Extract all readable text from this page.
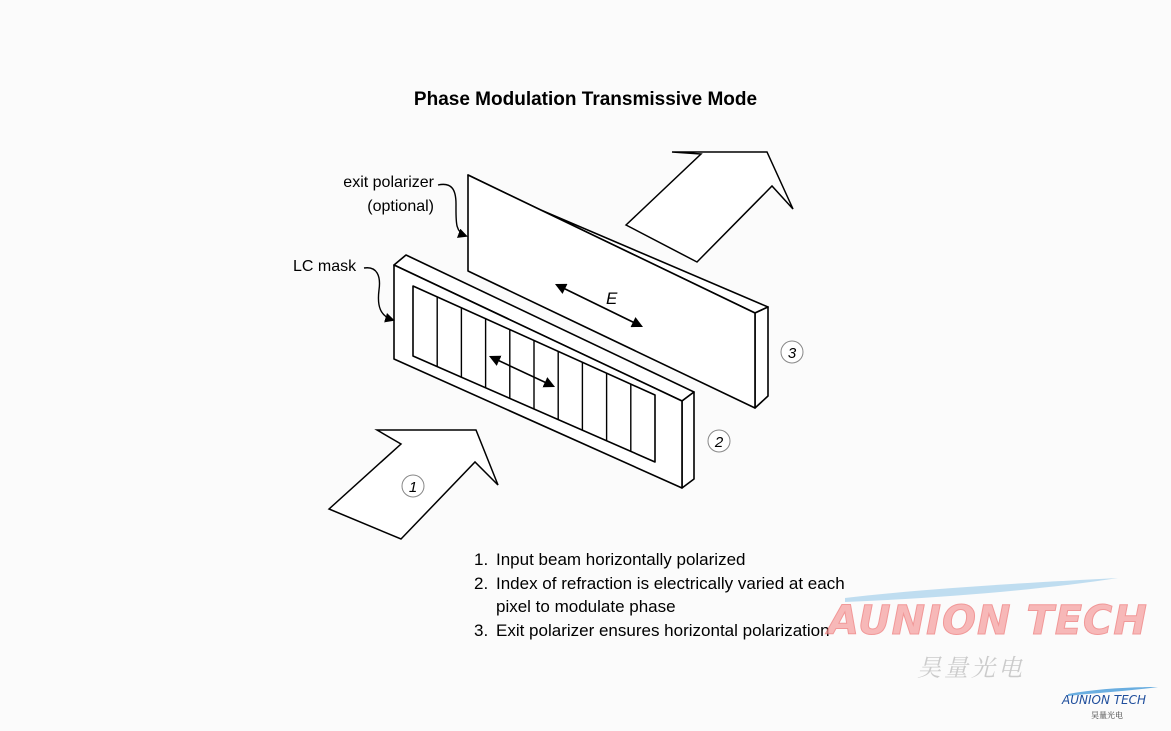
Phase Modulation Transmissive Mode
E
1
2
3
exit polarizer
(optional)
LC mask
1. Input beam horizontally polarized
2. Index of refraction is electrically varied at each
pixel to modulate phase
3. Exit polarizer ensures horizontal polarization
AUNION TECH
昊量光电
AUNION TECH
昊量光电
